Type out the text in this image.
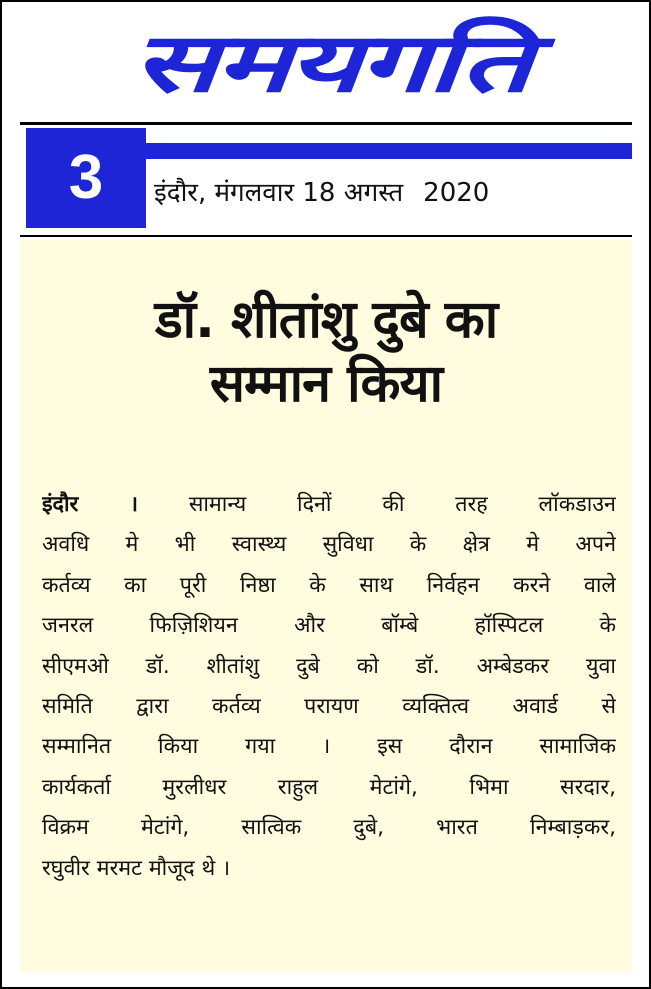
समयगति
3	इंदौर, मंगलवार 18 अगस्त 2020
डॉ. शीतांशु दुबे का
सम्मान किया
इंदौर । सामान्य दिनों की तरह लॉकडाउन
अवधि मे भी स्वास्थ्य सुविधा के क्षेत्र मे अपने
कर्तव्य का पूरी निष्ठा के साथ निर्वहन करने वाले
जनरल फिज़िशियन और बॉम्बे हॉस्पिटल के
सीएमओ डॉ. शीतांशु दुबे को डॉ. अम्बेडकर युवा
समिति द्वारा कर्तव्य परायण व्यक्तित्व अवार्ड से
सम्मानित किया गया । इस दौरान सामाजिक
कार्यकर्ता मुरलीधर राहुल मेटांगे, भिमा सरदार,
विक्रम मेटांगे, सात्विक दुबे, भारत निम्बाड़कर,
रघुवीर मरमट मौजूद थे ।
